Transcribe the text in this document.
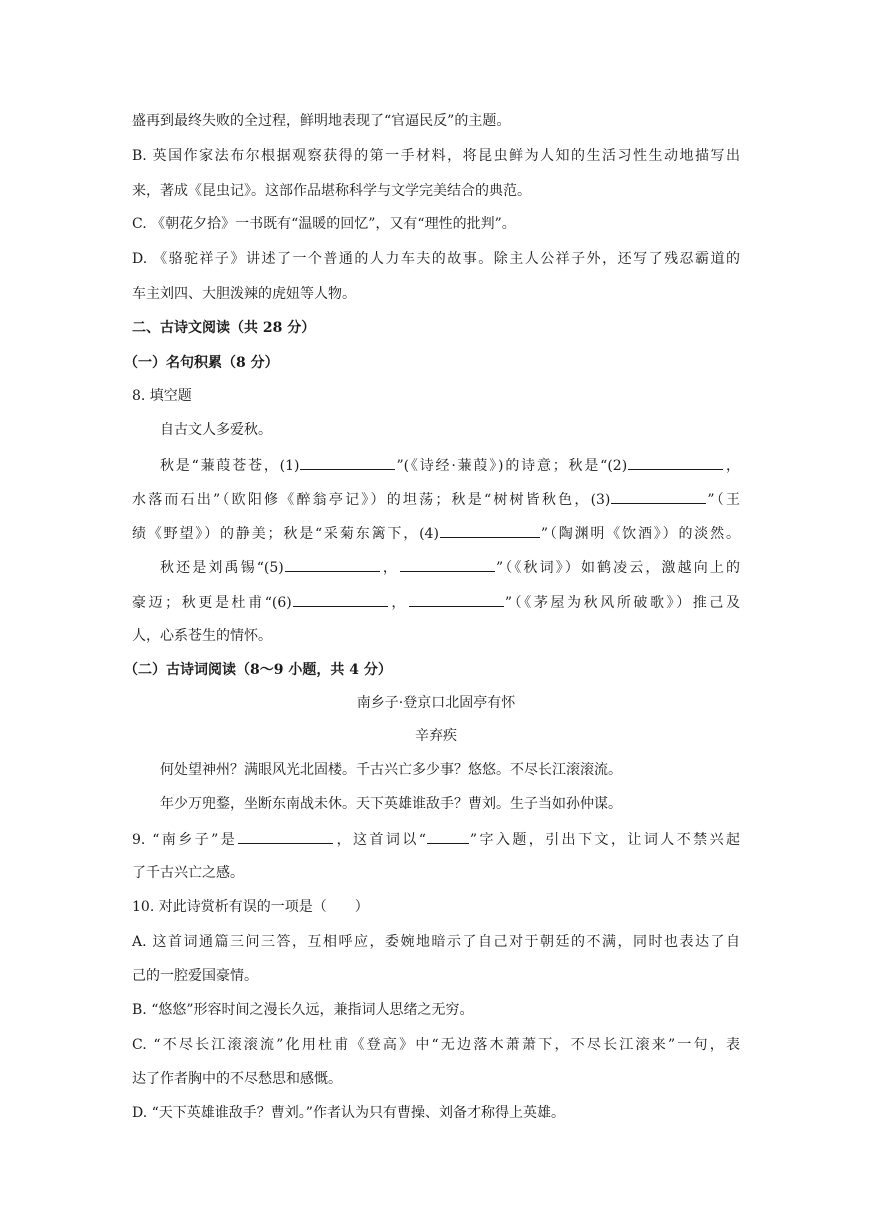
盛再到最终失败的全过程，鲜明地表现了“官逼民反”的主题。
B. 英国作家法布尔根据观察获得的第一手材料，将昆虫鲜为人知的生活习性生动地描写出
来，著成《昆虫记》。这部作品堪称科学与文学完美结合的典范。
C. 《朝花夕拾》一书既有“温暖的回忆”，又有“理性的批判”。
D. 《骆驼祥子》讲述了一个普通的人力车夫的故事。除主人公祥子外，还写了残忍霸道的
车主刘四、大胆泼辣的虎妞等人物。
二、古诗文阅读（共 28 分）
（一）名句积累（8 分）
8. 填空题
自古文人多爱秋。
秋是“蒹葭苍苍，(1)	”(《诗经·蒹葭》)的诗意；秋是“(2)	，
水落而石出”（欧阳修《醉翁亭记》）的坦荡；秋是“树树皆秋色，(3)	”（王
绩《野望》）的静美；秋是“采菊东篱下，(4)	”（陶渊明《饮酒》）的淡然。
秋还是刘禹锡“(5)	，	”（《秋词》）如鹤凌云，激越向上的
豪迈；秋更是杜甫“(6)	，	”（《茅屋为秋风所破歌》）推己及
人，心系苍生的情怀。
（二）古诗词阅读（8～9 小题，共 4 分）
南乡子·登京口北固亭有怀
辛弃疾
何处望神州？满眼风光北固楼。千古兴亡多少事？悠悠。不尽长江滚滚流。
年少万兜鍪，坐断东南战未休。天下英雄谁敌手？曹刘。生子当如孙仲谋。
9. “南乡子”是	，这首词以“	”字入题，引出下文，让词人不禁兴起
了千古兴亡之感。
10. 对此诗赏析有误的一项是（　　）
A. 这首词通篇三问三答，互相呼应，委婉地暗示了自己对于朝廷的不满，同时也表达了自
己的一腔爱国豪情。
B. “悠悠”形容时间之漫长久远，兼指词人思绪之无穷。
C. “不尽长江滚滚流”化用杜甫《登高》中“无边落木萧萧下，不尽长江滚来”一句，表
达了作者胸中的不尽愁思和感慨。
D. “天下英雄谁敌手？曹刘。”作者认为只有曹操、刘备才称得上英雄。
